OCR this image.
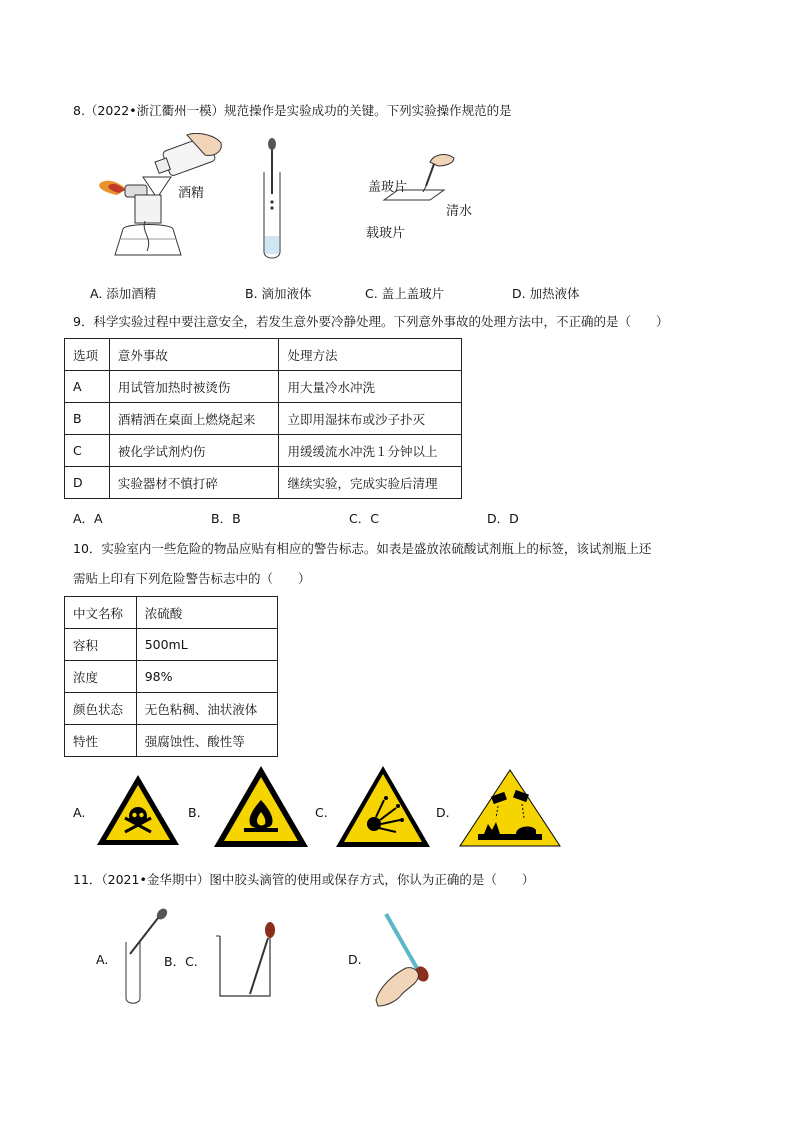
8.（2022•浙江衢州一模）规范操作是实验成功的关键。下列实验操作规范的是
酒精	盖玻片
清水
载玻片
A. 添加酒精	B. 滴加液体	C. 盖上盖玻片	D. 加热液体
9．科学实验过程中要注意安全，若发生意外要冷静处理。下列意外事故的处理方法中，不正确的是（　　）
选项	意外事故	处理方法
A	用试管加热时被烫伤	用大量冷水冲洗
B	酒精洒在桌面上燃烧起来	立即用湿抹布或沙子扑灭
C	被化学试剂灼伤	用缓缓流水冲洗１分钟以上
D	实验器材不慎打碎	继续实验，完成实验后清理
A．A	B．B	C．C	D．D
10．实验室内一些危险的物品应贴有相应的警告标志。如表是盛放浓硫酸试剂瓶上的标签，该试剂瓶上还
需贴上印有下列危险警告标志中的（　　）
中文名称	浓硫酸
容积	500mL
浓度	98%
颜色状态	无色粘稠、油状液体
特性	强腐蚀性、酸性等
A.	B.	C.	D.
11．（2021•金华期中）图中胶头滴管的使用或保存方式，你认为正确的是（　　）
A.	B．C.	D.
